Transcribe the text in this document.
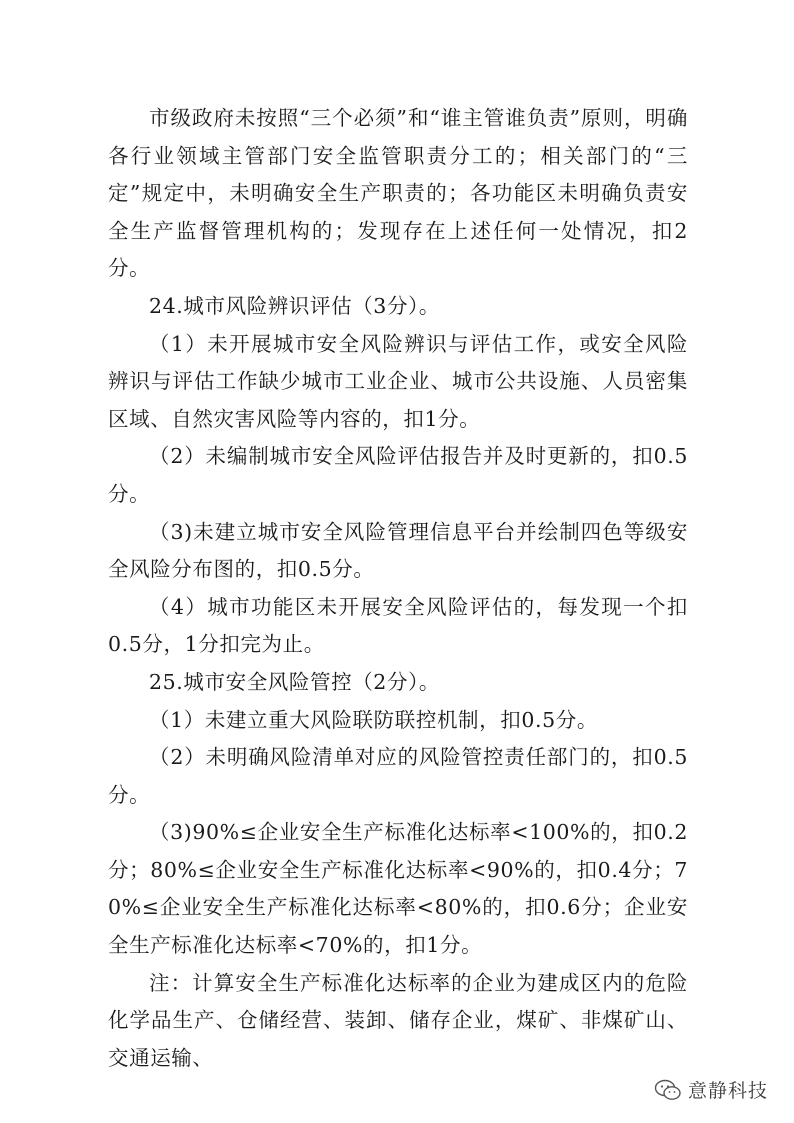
市级政府未按照“三个必须”和“谁主管谁负责”原则，明确各行业领域主管部门安全监管职责分工的；相关部门的“三定”规定中，未明确安全生产职责的；各功能区未明确负责安全生产监督管理机构的；发现存在上述任何一处情况，扣2分。

24.城市风险辨识评估（3分）。

（1）未开展城市安全风险辨识与评估工作，或安全风险辨识与评估工作缺少城市工业企业、城市公共设施、人员密集区域、自然灾害风险等内容的，扣1分。

（2）未编制城市安全风险评估报告并及时更新的，扣0.5分。

（3)未建立城市安全风险管理信息平台并绘制四色等级安全风险分布图的，扣0.5分。

（4）城市功能区未开展安全风险评估的，每发现一个扣 0.5分，1分扣完为止。

25.城市安全风险管控（2分）。

（1）未建立重大风险联防联控机制，扣0.5分。

（2）未明确风险清单对应的风险管控责任部门的，扣0.5分。

（3)90%≤企业安全生产标准化达标率<100%的，扣0.2分；80%≤企业安全生产标准化达标率<90%的，扣0.4分；70%≤企业安全生产标准化达标率<80%的，扣0.6分；企业安全生产标准化达标率<70%的，扣1分。

注：计算安全生产标准化达标率的企业为建成区内的危险化学品生产、仓储经营、装卸、储存企业，煤矿、非煤矿山、交通运输、

意静科技
